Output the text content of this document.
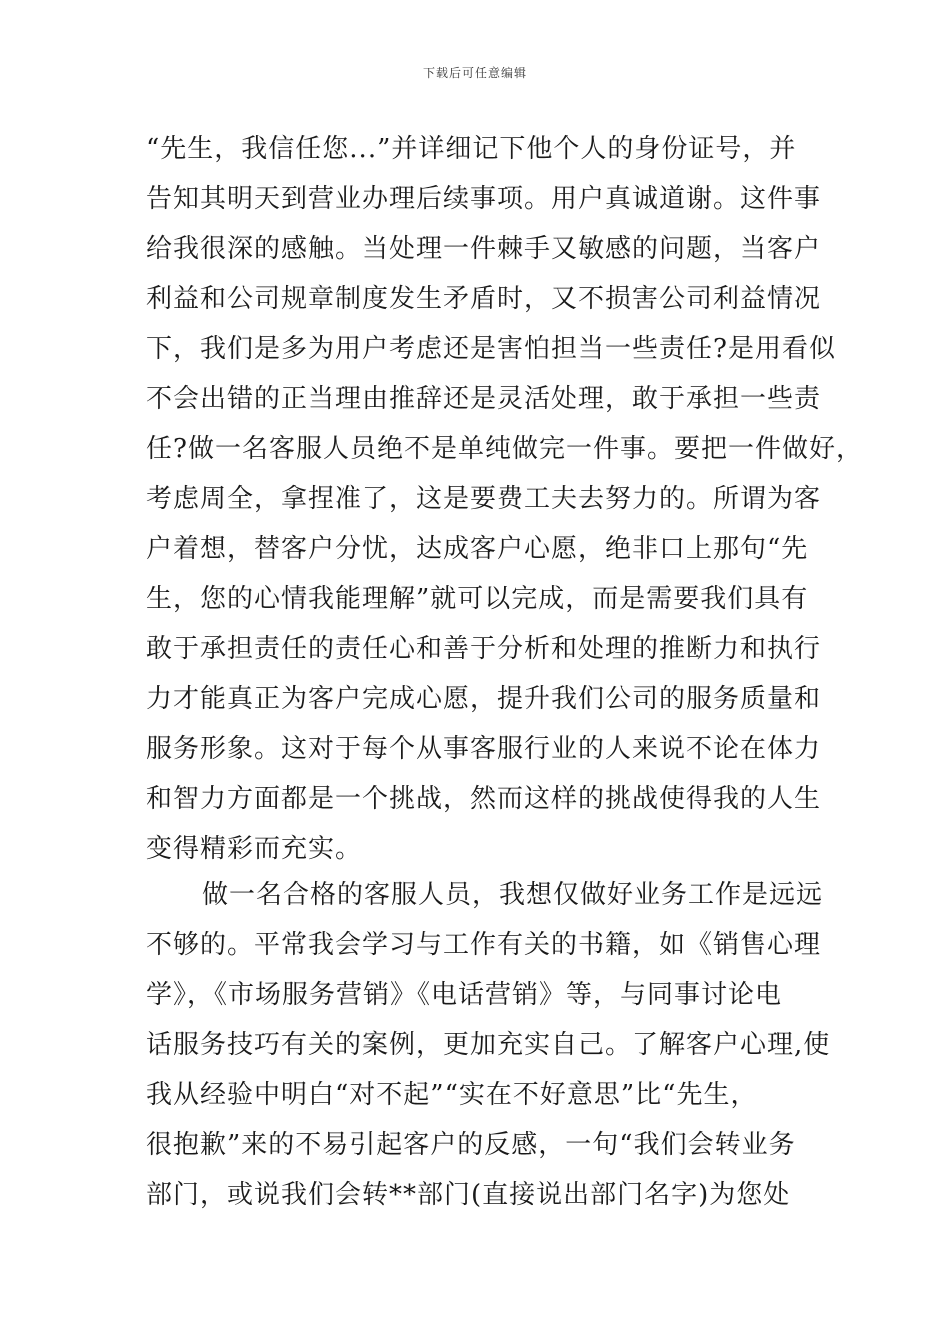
下载后可任意编辑
“先生，我信任您...”并详细记下他个人的身份证号，并
告知其明天到营业办理后续事项。用户真诚道谢。这件事
给我很深的感触。当处理一件棘手又敏感的问题，当客户
利益和公司规章制度发生矛盾时，又不损害公司利益情况
下，我们是多为用户考虑还是害怕担当一些责任?是用看似
不会出错的正当理由推辞还是灵活处理，敢于承担一些责
任?做一名客服人员绝不是单纯做完一件事。要把一件做好，
考虑周全，拿捏准了，这是要费工夫去努力的。所谓为客
户着想，替客户分忧，达成客户心愿，绝非口上那句“先
生，您的心情我能理解”就可以完成，而是需要我们具有
敢于承担责任的责任心和善于分析和处理的推断力和执行
力才能真正为客户完成心愿，提升我们公司的服务质量和
服务形象。这对于每个从事客服行业的人来说不论在体力
和智力方面都是一个挑战，然而这样的挑战使得我的人生
变得精彩而充实。
做一名合格的客服人员，我想仅做好业务工作是远远
不够的。平常我会学习与工作有关的书籍，如《销售心理
学》，《市场服务营销》《电话营销》等，与同事讨论电
话服务技巧有关的案例，更加充实自己。了解客户心理,使
我从经验中明白“对不起”“实在不好意思”比“先生，
很抱歉”来的不易引起客户的反感，一句“我们会转业务
部门，或说我们会转**部门(直接说出部门名字)为您处
